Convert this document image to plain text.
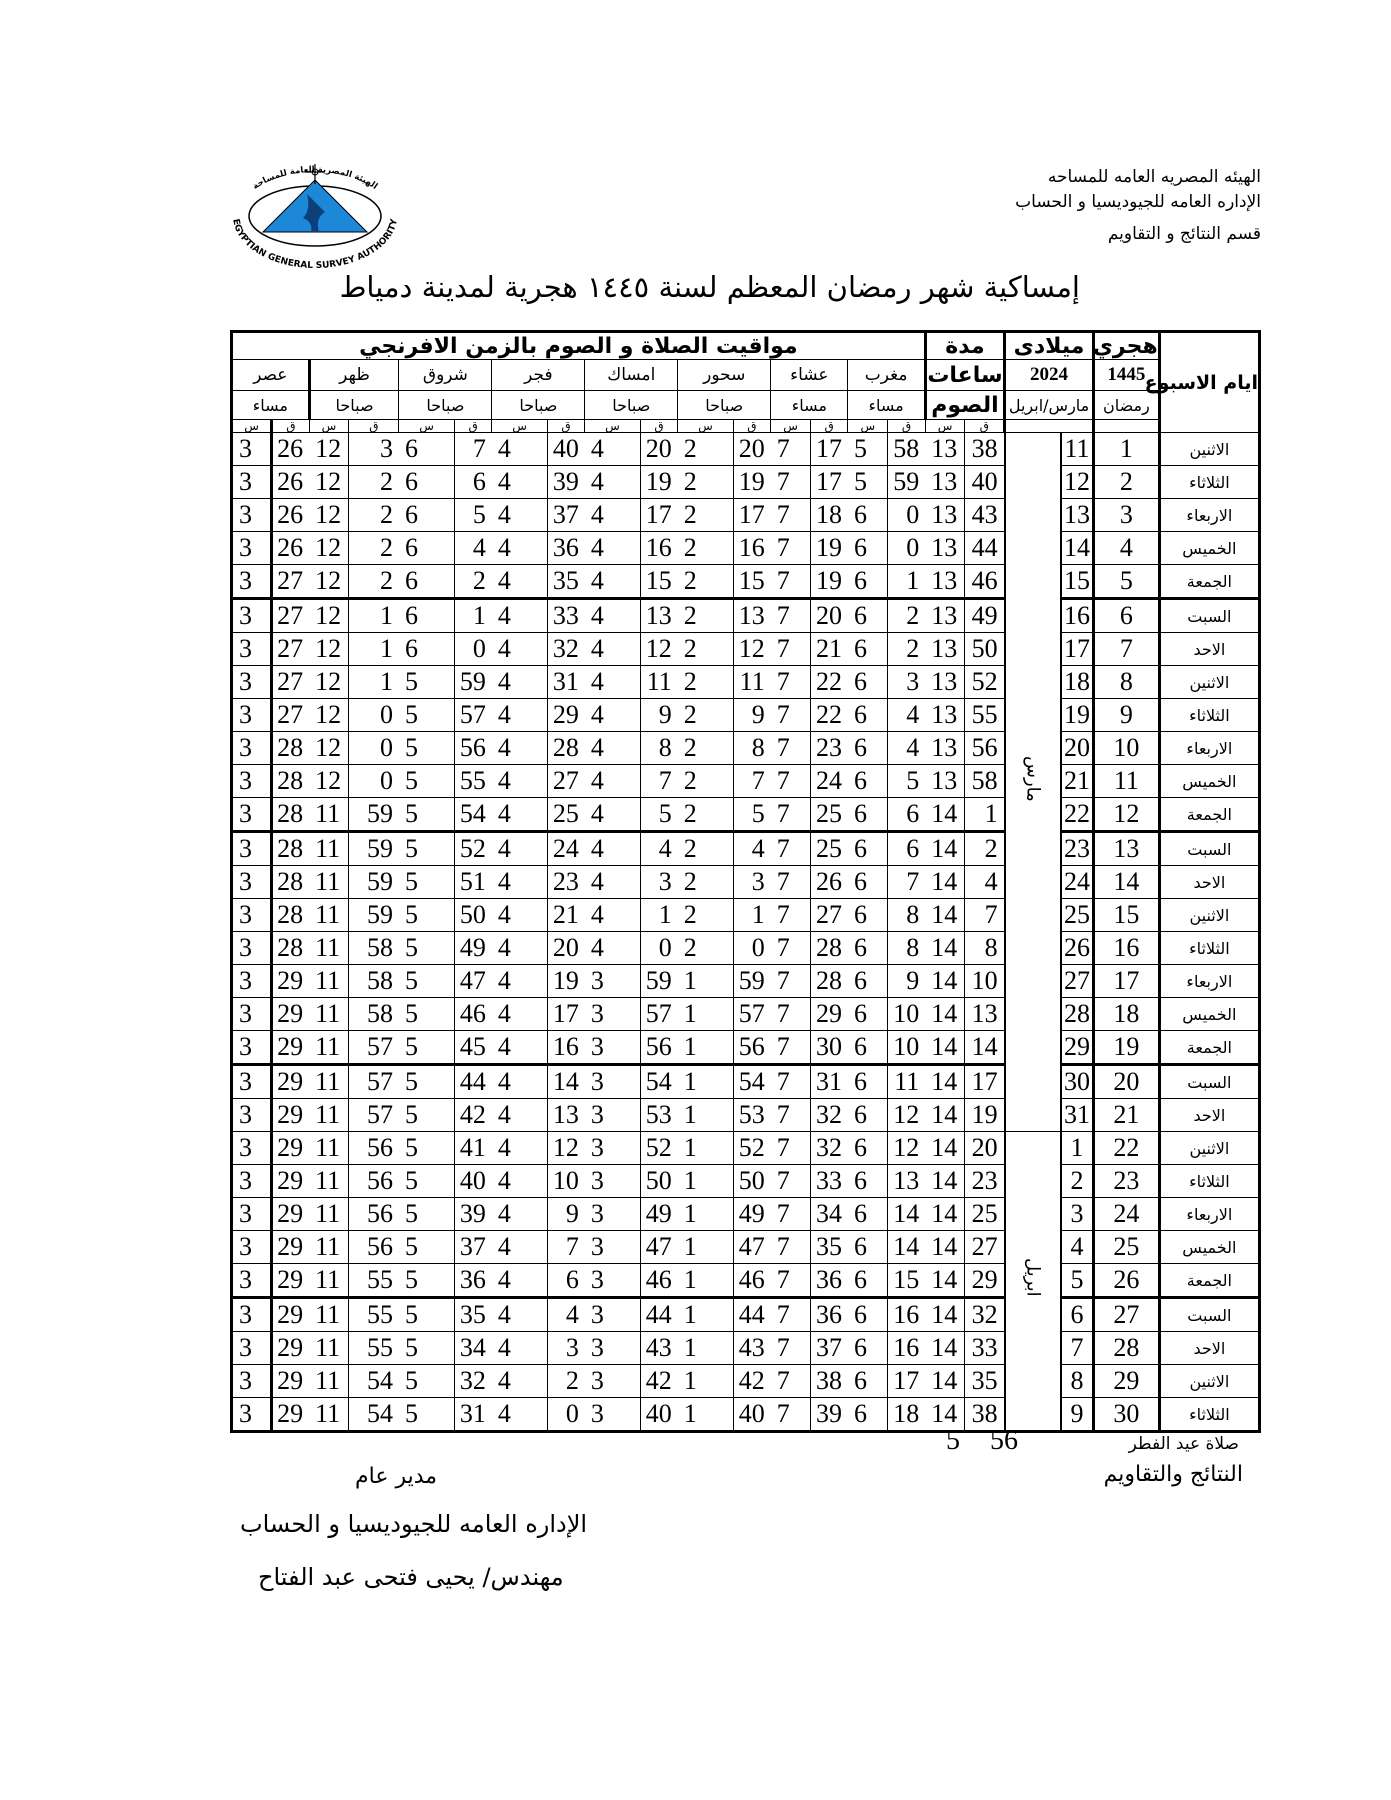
الهيئه المصريه العامه للمساحه
الإداره العامه للجيوديسيا و الحساب
قسم النتائج و التقاويم
الهيئة المصرية العامة للمساحة
EGYPTIAN GENERAL SURVEY AUTHORITY
إمساكية شهر رمضان المعظم لسنة ١٤٤٥ هجرية لمدينة دمياط
ايام الاسبوع	هجري	ميلادى		مدة		مواقيت الصلاة و الصوم بالزمن الافرنجي															
	1445	2024		ساعات		مغرب		عشاء		سحور		امساك		فجر		شروق		ظهر		عصر	
	رمضان	مارس/ابريل		الصوم		مساء		مساء		صباحا		صباحا		صباحا		صباحا		صباحا		مساء	
				ق	س	ق	س	ق	س	ق	س	ق	س	ق	س	ق	س	ق	س	ق	س
الاثنين	1	11	مارس	38	13	58	5	17	7	20	2	20	4	40	4	7	6	3	12	26	3
الثلاثاء	2	12		40	13	59	5	17	7	19	2	19	4	39	4	6	6	2	12	26	3
الاربعاء	3	13		43	13	0	6	18	7	17	2	17	4	37	4	5	6	2	12	26	3
الخميس	4	14		44	13	0	6	19	7	16	2	16	4	36	4	4	6	2	12	26	3
الجمعة	5	15		46	13	1	6	19	7	15	2	15	4	35	4	2	6	2	12	27	3
السبت	6	16		49	13	2	6	20	7	13	2	13	4	33	4	1	6	1	12	27	3
الاحد	7	17		50	13	2	6	21	7	12	2	12	4	32	4	0	6	1	12	27	3
الاثنين	8	18		52	13	3	6	22	7	11	2	11	4	31	4	59	5	1	12	27	3
الثلاثاء	9	19		55	13	4	6	22	7	9	2	9	4	29	4	57	5	0	12	27	3
الاربعاء	10	20		56	13	4	6	23	7	8	2	8	4	28	4	56	5	0	12	28	3
الخميس	11	21		58	13	5	6	24	7	7	2	7	4	27	4	55	5	0	12	28	3
الجمعة	12	22		1	14	6	6	25	7	5	2	5	4	25	4	54	5	59	11	28	3
السبت	13	23		2	14	6	6	25	7	4	2	4	4	24	4	52	5	59	11	28	3
الاحد	14	24		4	14	7	6	26	7	3	2	3	4	23	4	51	5	59	11	28	3
الاثنين	15	25		7	14	8	6	27	7	1	2	1	4	21	4	50	5	59	11	28	3
الثلاثاء	16	26		8	14	8	6	28	7	0	2	0	4	20	4	49	5	58	11	28	3
الاربعاء	17	27		10	14	9	6	28	7	59	1	59	3	19	4	47	5	58	11	29	3
الخميس	18	28		13	14	10	6	29	7	57	1	57	3	17	4	46	5	58	11	29	3
الجمعة	19	29		14	14	10	6	30	7	56	1	56	3	16	4	45	5	57	11	29	3
السبت	20	30		17	14	11	6	31	7	54	1	54	3	14	4	44	5	57	11	29	3
الاحد	21	31		19	14	12	6	32	7	53	1	53	3	13	4	42	5	57	11	29	3
الاثنين	22	1	ابريل	20	14	12	6	32	7	52	1	52	3	12	4	41	5	56	11	29	3
الثلاثاء	23	2		23	14	13	6	33	7	50	1	50	3	10	4	40	5	56	11	29	3
الاربعاء	24	3		25	14	14	6	34	7	49	1	49	3	9	4	39	5	56	11	29	3
الخميس	25	4		27	14	14	6	35	7	47	1	47	3	7	4	37	5	56	11	29	3
الجمعة	26	5		29	14	15	6	36	7	46	1	46	3	6	4	36	5	55	11	29	3
السبت	27	6		32	14	16	6	36	7	44	1	44	3	4	4	35	5	55	11	29	3
الاحد	28	7		33	14	16	6	37	7	43	1	43	3	3	4	34	5	55	11	29	3
الاثنين	29	8		35	14	17	6	38	7	42	1	42	3	2	4	32	5	54	11	29	3
الثلاثاء	30	9		38	14	18	6	39	7	40	1	40	3	0	4	31	5	54	11	29	3
صلاة عيد الفطر
5 56
النتائج والتقاويم
مدير عام
الإداره العامه للجيوديسيا و الحساب
مهندس/ يحيى فتحى عبد الفتاح
